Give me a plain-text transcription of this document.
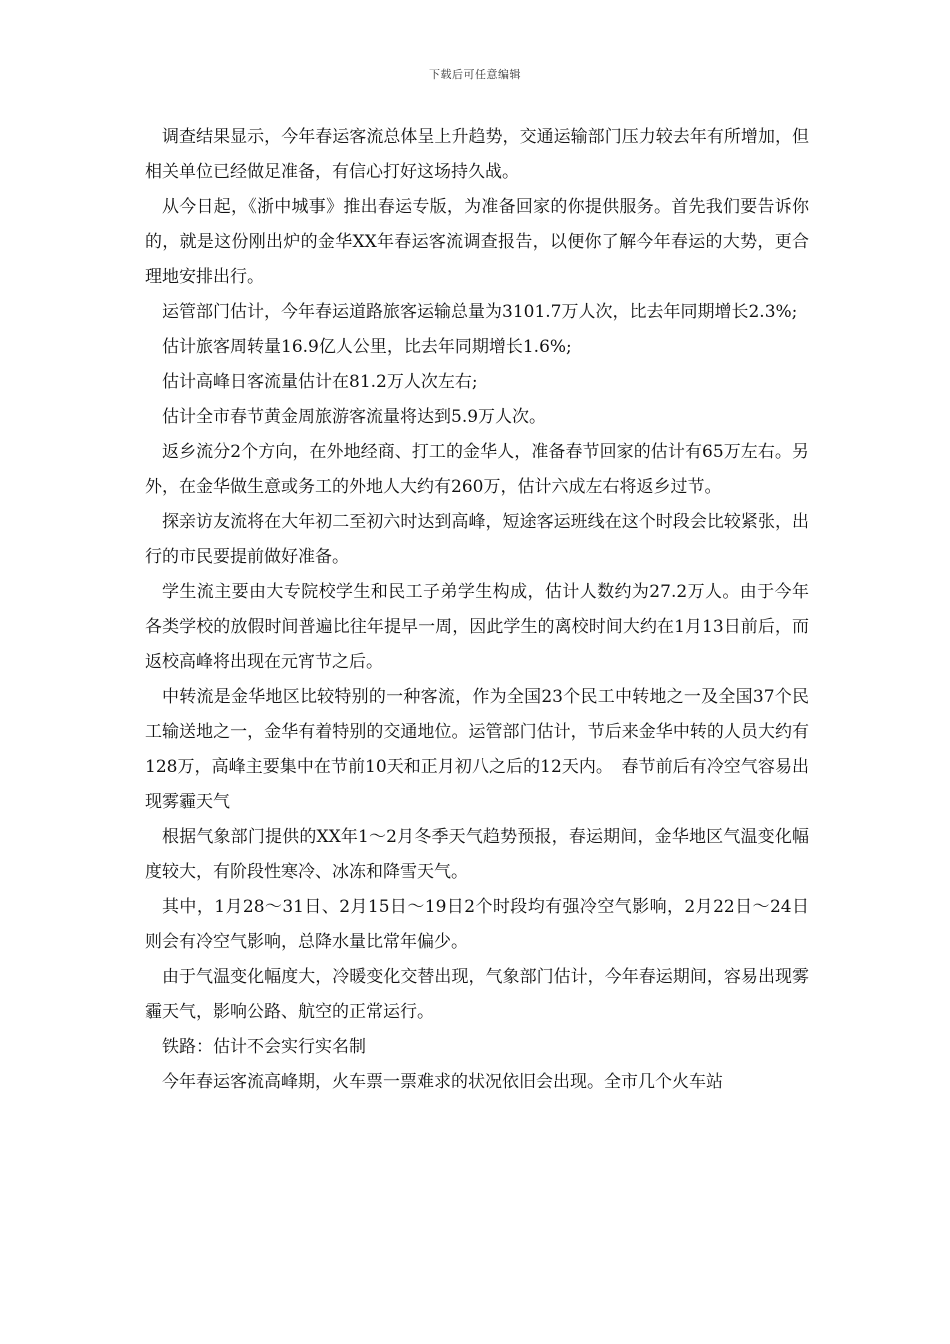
下载后可任意编辑

调查结果显示，今年春运客流总体呈上升趋势，交通运输部门压力较去年有所增加，但相关单位已经做足准备，有信心打好这场持久战。

从今日起，《浙中城事》推出春运专版，为准备回家的你提供服务。首先我们要告诉你的，就是这份刚出炉的金华XX年春运客流调查报告，以便你了解今年春运的大势，更合理地安排出行。

运管部门估计，今年春运道路旅客运输总量为3101.7万人次，比去年同期增长2.3%;

估计旅客周转量16.9亿人公里，比去年同期增长1.6%;

估计高峰日客流量估计在81.2万人次左右;

估计全市春节黄金周旅游客流量将达到5.9万人次。

返乡流分2个方向，在外地经商、打工的金华人，准备春节回家的估计有65万左右。另外，在金华做生意或务工的外地人大约有260万，估计六成左右将返乡过节。

探亲访友流将在大年初二至初六时达到高峰，短途客运班线在这个时段会比较紧张，出行的市民要提前做好准备。

学生流主要由大专院校学生和民工子弟学生构成，估计人数约为27.2万人。由于今年各类学校的放假时间普遍比往年提早一周，因此学生的离校时间大约在1月13日前后，而返校高峰将出现在元宵节之后。

中转流是金华地区比较特别的一种客流，作为全国23个民工中转地之一及全国37个民工输送地之一，金华有着特别的交通地位。运管部门估计，节后来金华中转的人员大约有128万，高峰主要集中在节前10天和正月初八之后的12天内。　春节前后有冷空气容易出现雾霾天气

根据气象部门提供的XX年1～2月冬季天气趋势预报，春运期间，金华地区气温变化幅度较大，有阶段性寒冷、冰冻和降雪天气。

其中，1月28～31日、2月15日～19日2个时段均有强冷空气影响，2月22日～24日则会有冷空气影响，总降水量比常年偏少。

由于气温变化幅度大，冷暖变化交替出现，气象部门估计，今年春运期间，容易出现雾霾天气，影响公路、航空的正常运行。

铁路：估计不会实行实名制

今年春运客流高峰期，火车票一票难求的状况依旧会出现。全市几个火车站
